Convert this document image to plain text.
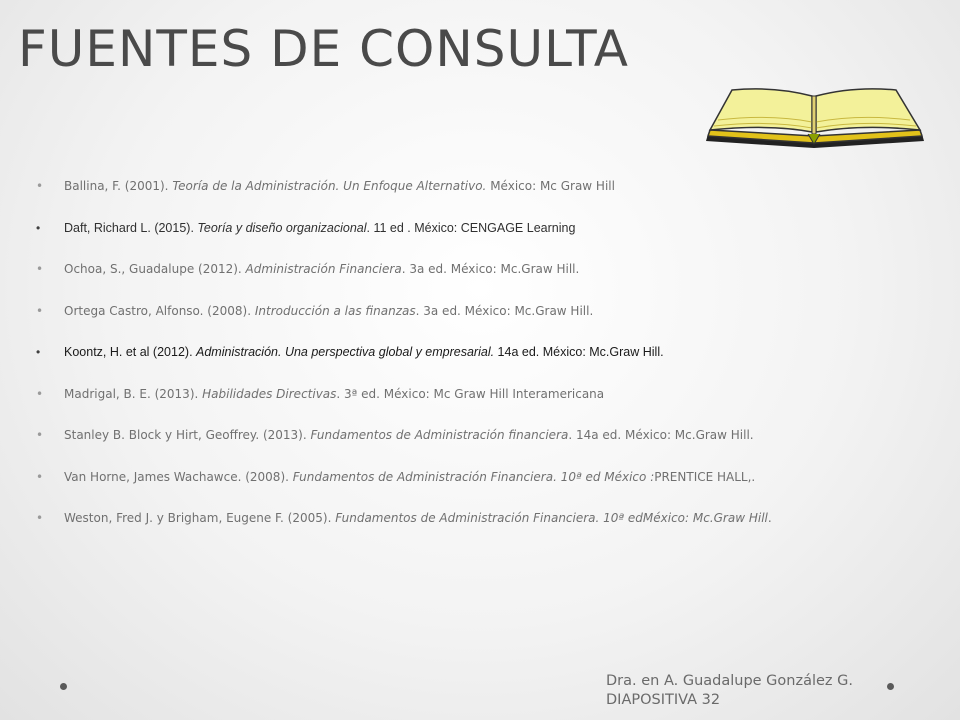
FUENTES DE CONSULTA
• Ballina, F. (2001). Teoría de la Administración. Un Enfoque Alternativo. México: Mc Graw Hill
• Daft, Richard L. (2015). Teoría y diseño organizacional. 11 ed . México: CENGAGE Learning
• Ochoa, S., Guadalupe (2012). Administración Financiera. 3a ed. México: Mc.Graw Hill.
• Ortega Castro, Alfonso. (2008). Introducción a las finanzas. 3a ed. México: Mc.Graw Hill.
• Koontz, H. et al (2012). Administración. Una perspectiva global y empresarial. 14a ed. México: Mc.Graw Hill.
• Madrigal, B. E. (2013). Habilidades Directivas. 3ª ed. México: Mc Graw Hill Interamericana
• Stanley B. Block y Hirt, Geoffrey. (2013). Fundamentos de Administración financiera. 14a ed. México: Mc.Graw Hill.
• Van Horne, James Wachawce. (2008). Fundamentos de Administración Financiera. 10ª ed México :PRENTICE HALL,.
• Weston, Fred J. y Brigham, Eugene F. (2005). Fundamentos de Administración Financiera. 10ª edMéxico: Mc.Graw Hill.
Dra. en A. Guadalupe González G.
DIAPOSITIVA 32
